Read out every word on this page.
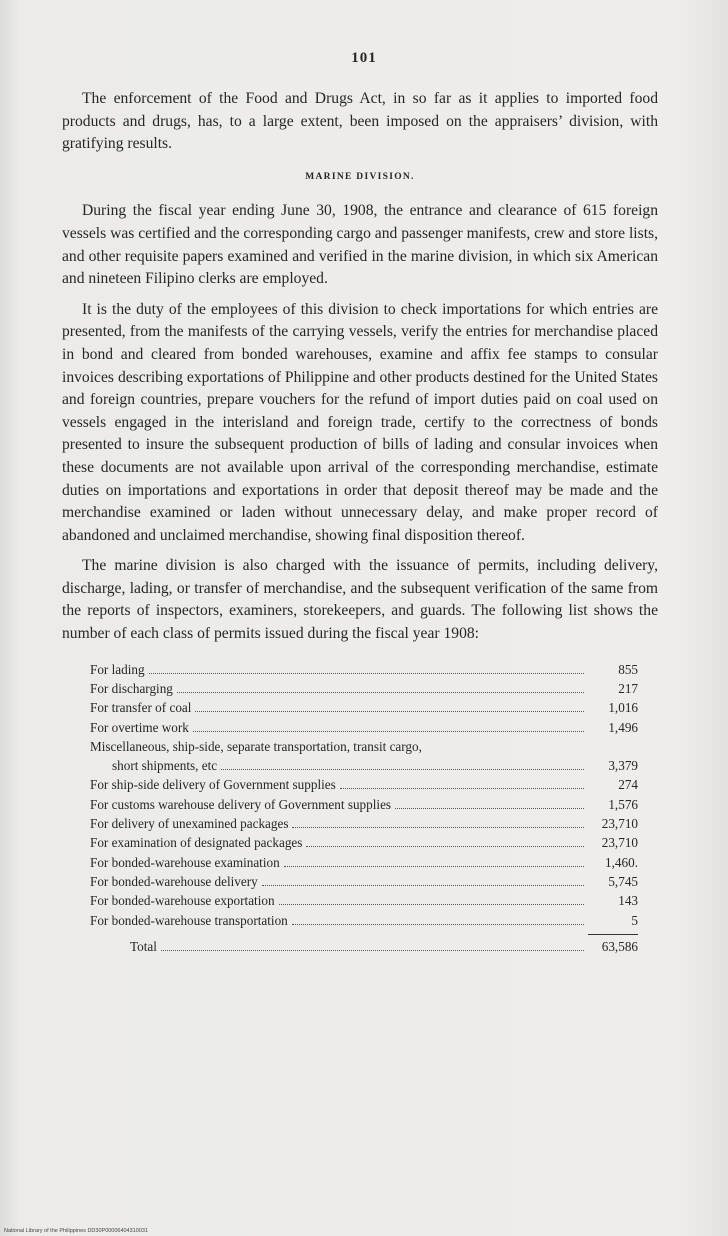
101

The enforcement of the Food and Drugs Act, in so far as it applies to imported food products and drugs, has, to a large extent, been imposed on the appraisers’ division, with gratifying results.

MARINE DIVISION.

During the fiscal year ending June 30, 1908, the entrance and clearance of 615 foreign vessels was certified and the corresponding cargo and passenger manifests, crew and store lists, and other requisite papers examined and verified in the marine division, in which six American and nineteen Filipino clerks are employed.

It is the duty of the employees of this division to check importations for which entries are presented, from the manifests of the carrying vessels, verify the entries for merchandise placed in bond and cleared from bonded warehouses, examine and affix fee stamps to consular invoices describing exportations of Philippine and other products destined for the United States and foreign countries, prepare vouchers for the refund of import duties paid on coal used on vessels engaged in the interisland and foreign trade, certify to the correctness of bonds presented to insure the subsequent production of bills of lading and consular invoices when these documents are not available upon arrival of the corresponding merchandise, estimate duties on importations and exportations in order that deposit thereof may be made and the merchandise examined or laden without unnecessary delay, and make proper record of abandoned and unclaimed merchandise, showing final disposition thereof.

The marine division is also charged with the issuance of permits, including delivery, discharge, lading, or transfer of merchandise, and the subsequent verification of the same from the reports of inspectors, examiners, storekeepers, and guards. The following list shows the number of each class of permits issued during the fiscal year 1908:

For lading	855
For discharging	217
For transfer of coal	1,016
For overtime work	1,496
Miscellaneous, ship-side, separate transportation, transit cargo,
short shipments, etc	3,379
For ship-side delivery of Government supplies	274
For customs warehouse delivery of Government supplies	1,576
For delivery of unexamined packages	23,710
For examination of designated packages	23,710
For bonded-warehouse examination	1,460.
For bonded-warehouse delivery	5,745
For bonded-warehouse exportation	143
For bonded-warehouse transportation	5
Total	63,586
National Library of the Philippines DD30P00006404310031
